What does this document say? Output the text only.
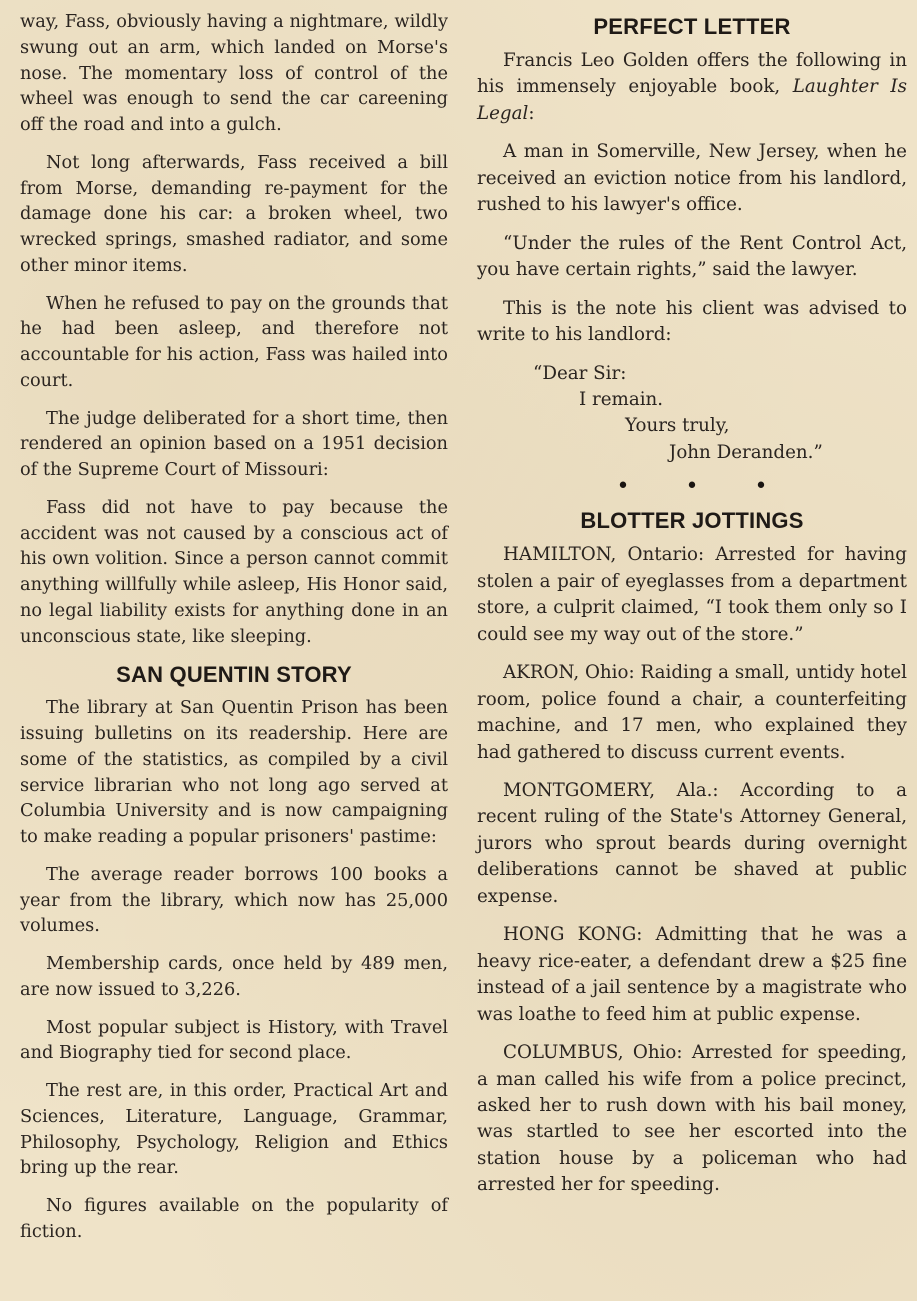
way, Fass, obviously having a nightmare, wildly swung out an arm, which landed on Morse's nose. The momentary loss of control of the wheel was enough to send the car careening off the road and into a gulch.

Not long afterwards, Fass received a bill from Morse, demanding re-payment for the damage done his car: a broken wheel, two wrecked springs, smashed radiator, and some other minor items.

When he refused to pay on the grounds that he had been asleep, and therefore not accountable for his action, Fass was hailed into court.

The judge deliberated for a short time, then rendered an opinion based on a 1951 decision of the Supreme Court of Missouri:

Fass did not have to pay because the accident was not caused by a conscious act of his own volition. Since a person cannot commit anything willfully while asleep, His Honor said, no legal liability exists for anything done in an unconscious state, like sleeping.

SAN QUENTIN STORY

The library at San Quentin Prison has been issuing bulletins on its readership. Here are some of the statistics, as compiled by a civil service librarian who not long ago served at Columbia University and is now campaigning to make reading a popular prisoners' pastime:

The average reader borrows 100 books a year from the library, which now has 25,000 volumes.

Membership cards, once held by 489 men, are now issued to 3,226.

Most popular subject is History, with Travel and Biography tied for second place.

The rest are, in this order, Practical Art and Sciences, Literature, Language, Grammar, Philosophy, Psychology, Religion and Ethics bring up the rear.

No figures available on the popularity of fiction.

PERFECT LETTER

Francis Leo Golden offers the following in his immensely enjoyable book, Laughter Is Legal:

A man in Somerville, New Jersey, when he received an eviction notice from his landlord, rushed to his lawyer's office.

“Under the rules of the Rent Control Act, you have certain rights,” said the lawyer.

This is the note his client was advised to write to his landlord:

“Dear Sir:
I remain.
Yours truly,
John Deranden.”
•••
BLOTTER JOTTINGS

HAMILTON, Ontario: Arrested for having stolen a pair of eyeglasses from a department store, a culprit claimed, “I took them only so I could see my way out of the store.”

AKRON, Ohio: Raiding a small, untidy hotel room, police found a chair, a counterfeiting machine, and 17 men, who explained they had gathered to discuss current events.

MONTGOMERY, Ala.: According to a recent ruling of the State's Attorney General, jurors who sprout beards during overnight deliberations cannot be shaved at public expense.

HONG KONG: Admitting that he was a heavy rice-eater, a defendant drew a $25 fine instead of a jail sentence by a magistrate who was loathe to feed him at public expense.

COLUMBUS, Ohio: Arrested for speeding, a man called his wife from a police precinct, asked her to rush down with his bail money, was startled to see her escorted into the station house by a policeman who had arrested her for speeding.
